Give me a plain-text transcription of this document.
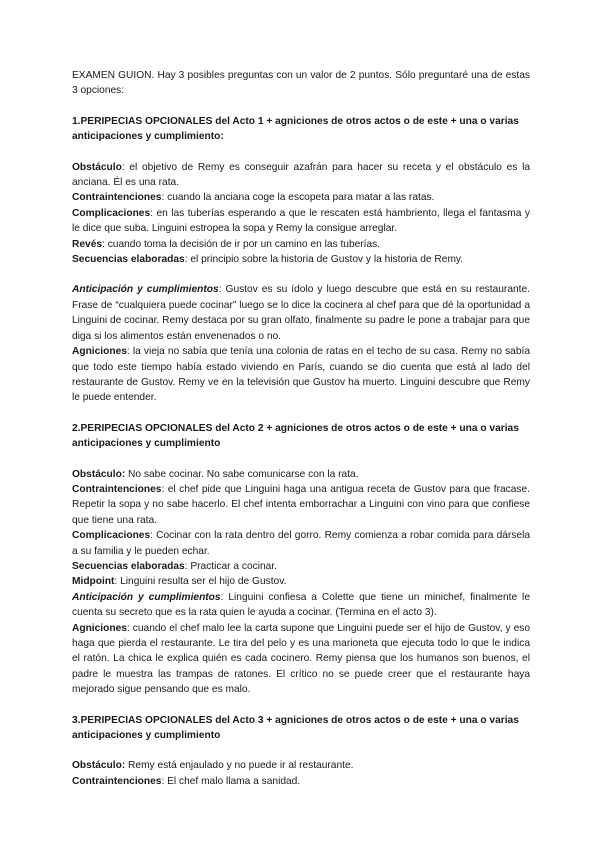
EXAMEN GUION. Hay 3 posibles preguntas con un valor de 2 puntos. Sólo preguntaré una de estas 3 opciones:

1.PERIPECIAS OPCIONALES del Acto 1 + agniciones de otros actos o de este + una o varias anticipaciones y cumplimiento:

Obstáculo: el objetivo de Remy es conseguir azafrán para hacer su receta y el obstáculo es la anciana. Él es una rata.

Contraintenciones: cuando la anciana coge la escopeta para matar a las ratas.

Complicaciones: en las tuberías esperando a que le rescaten está hambriento, llega el fantasma y le dice que suba. Linguini estropea la sopa y Remy la consigue arreglar.

Revés: cuando toma la decisión de ir por un camino en las tuberías.

Secuencias elaboradas: el principio sobre la historia de Gustov y la historia de Remy.

Anticipación y cumplimientos: Gustov es su ídolo y luego descubre que está en su restaurante. Frase de “cualquiera puede cocinar” luego se lo dice la cocinera al chef para que dé la oportunidad a Linguini de cocinar. Remy destaca por su gran olfato, finalmente su padre le pone a trabajar para que diga si los alimentos están envenenados o no.

Agniciones: la vieja no sabía que tenía una colonia de ratas en el techo de su casa. Remy no sabía que todo este tiempo había estado viviendo en París, cuando se dio cuenta que está al lado del restaurante de Gustov. Remy ve en la televisión que Gustov ha muerto. Linguini descubre que Remy le puede entender.

2.PERIPECIAS OPCIONALES del Acto 2 + agniciones de otros actos o de este + una o varias anticipaciones y cumplimiento

Obstáculo: No sabe cocinar. No sabe comunicarse con la rata.

Contraintenciones: el chef pide que Linguini haga una antigua receta de Gustov para que fracase. Repetir la sopa y no sabe hacerlo. El chef intenta emborrachar a Linguini con vino para que confiese que tiene una rata.

Complicaciones: Cocinar con la rata dentro del gorro. Remy comienza a robar comida para dársela a su familia y le pueden echar.

Secuencias elaboradas: Practicar a cocinar.

Midpoint: Linguini resulta ser el hijo de Gustov.

Anticipación y cumplimientos: Linguini confiesa a Colette que tiene un minichef, finalmente le cuenta su secreto que es la rata quien le ayuda a cocinar. (Termina en el acto 3).

Agniciones: cuando el chef malo lee la carta supone que Linguini puede ser el hijo de Gustov, y eso haga que pierda el restaurante. Le tira del pelo y es una marioneta que ejecuta todo lo que le indica el ratón. La chica le explica quién es cada cocinero. Remy piensa que los humanos son buenos, el padre le muestra las trampas de ratones. El crítico no se puede creer que el restaurante haya mejorado sigue pensando que es malo.

3.PERIPECIAS OPCIONALES del Acto 3 + agniciones de otros actos o de este + una o varias anticipaciones y cumplimiento

Obstáculo: Remy está enjaulado y no puede ir al restaurante.

Contraintenciones: El chef malo llama a sanidad.
